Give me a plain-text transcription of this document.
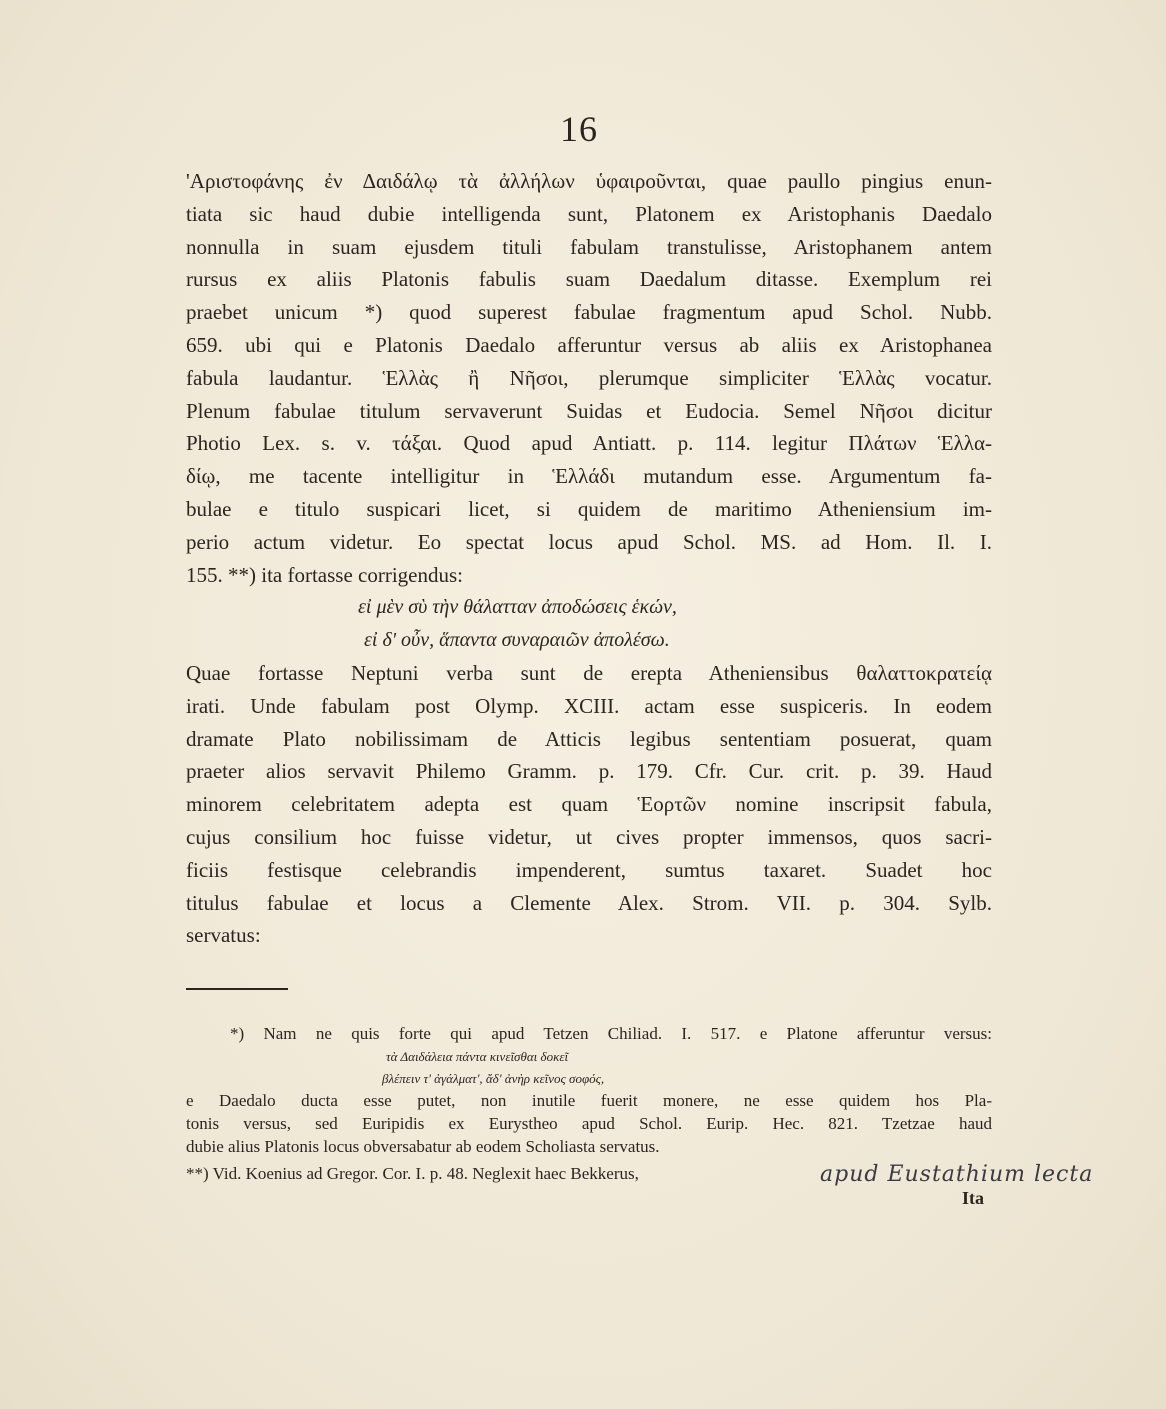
16
'Αριστοφάνης ἐν Δαιδάλῳ τὰ ἀλλήλων ὑφαιροῦνται, quae paullo pingius enun-
tiata sic haud dubie intelligenda sunt, Platonem ex Aristophanis Daedalo
nonnulla in suam ejusdem tituli fabulam transtulisse, Aristophanem antem
rursus ex aliis Platonis fabulis suam Daedalum ditasse. Exemplum rei
praebet unicum *) quod superest fabulae fragmentum apud Schol. Nubb.
659. ubi qui e Platonis Daedalo afferuntur versus ab aliis ex Aristophanea
fabula laudantur. Ἑλλὰς ἢ Νῆσοι, plerumque simpliciter Ἑλλὰς vocatur.
Plenum fabulae titulum servaverunt Suidas et Eudocia. Semel Νῆσοι dicitur
Photio Lex. s. v. τάξαι. Quod apud Antiatt. p. 114. legitur Πλάτων Ἑλλα-
δίῳ, me tacente intelligitur in Ἑλλάδι mutandum esse. Argumentum fa-
bulae e titulo suspicari licet, si quidem de maritimo Atheniensium im-
perio actum videtur. Eo spectat locus apud Schol. MS. ad Hom. Il. I.
155. **) ita fortasse corrigendus:
εἰ μὲν σὺ τὴν θάλατταν ἀποδώσεις ἑκών,
εἰ δ' οὖν, ἅπαντα συναραιῶν ἀπολέσω.
Quae fortasse Neptuni verba sunt de erepta Atheniensibus θαλαττοκρατείᾳ
irati. Unde fabulam post Olymp. XCIII. actam esse suspiceris. In eodem
dramate Plato nobilissimam de Atticis legibus sententiam posuerat, quam
praeter alios servavit Philemo Gramm. p. 179. Cfr. Cur. crit. p. 39. Haud
minorem celebritatem adepta est quam Ἑορτῶν nomine inscripsit fabula,
cujus consilium hoc fuisse videtur, ut cives propter immensos, quos sacri-
ficiis festisque celebrandis impenderent, sumtus taxaret. Suadet hoc
titulus fabulae et locus a Clemente Alex. Strom. VII. p. 304. Sylb.
servatus:
*) Nam ne quis forte qui apud Tetzen Chiliad. I. 517. e Platone afferuntur versus:
τὰ Δαιδάλεια πάντα κινεῖσθαι δοκεῖ
βλέπειν τ' ἀγάλματ', ἄδ' ἀνὴρ κεῖνος σοφός,
e Daedalo ducta esse putet, non inutile fuerit monere, ne esse quidem hos Pla-
tonis versus, sed Euripidis ex Eurystheo apud Schol. Eurip. Hec. 821. Tzetzae haud
dubie alius Platonis locus obversabatur ab eodem Scholiasta servatus.
**) Vid. Koenius ad Gregor. Cor. I. p. 48. Neglexit haec Bekkerus,	apud Eustathium lecta
Ita
